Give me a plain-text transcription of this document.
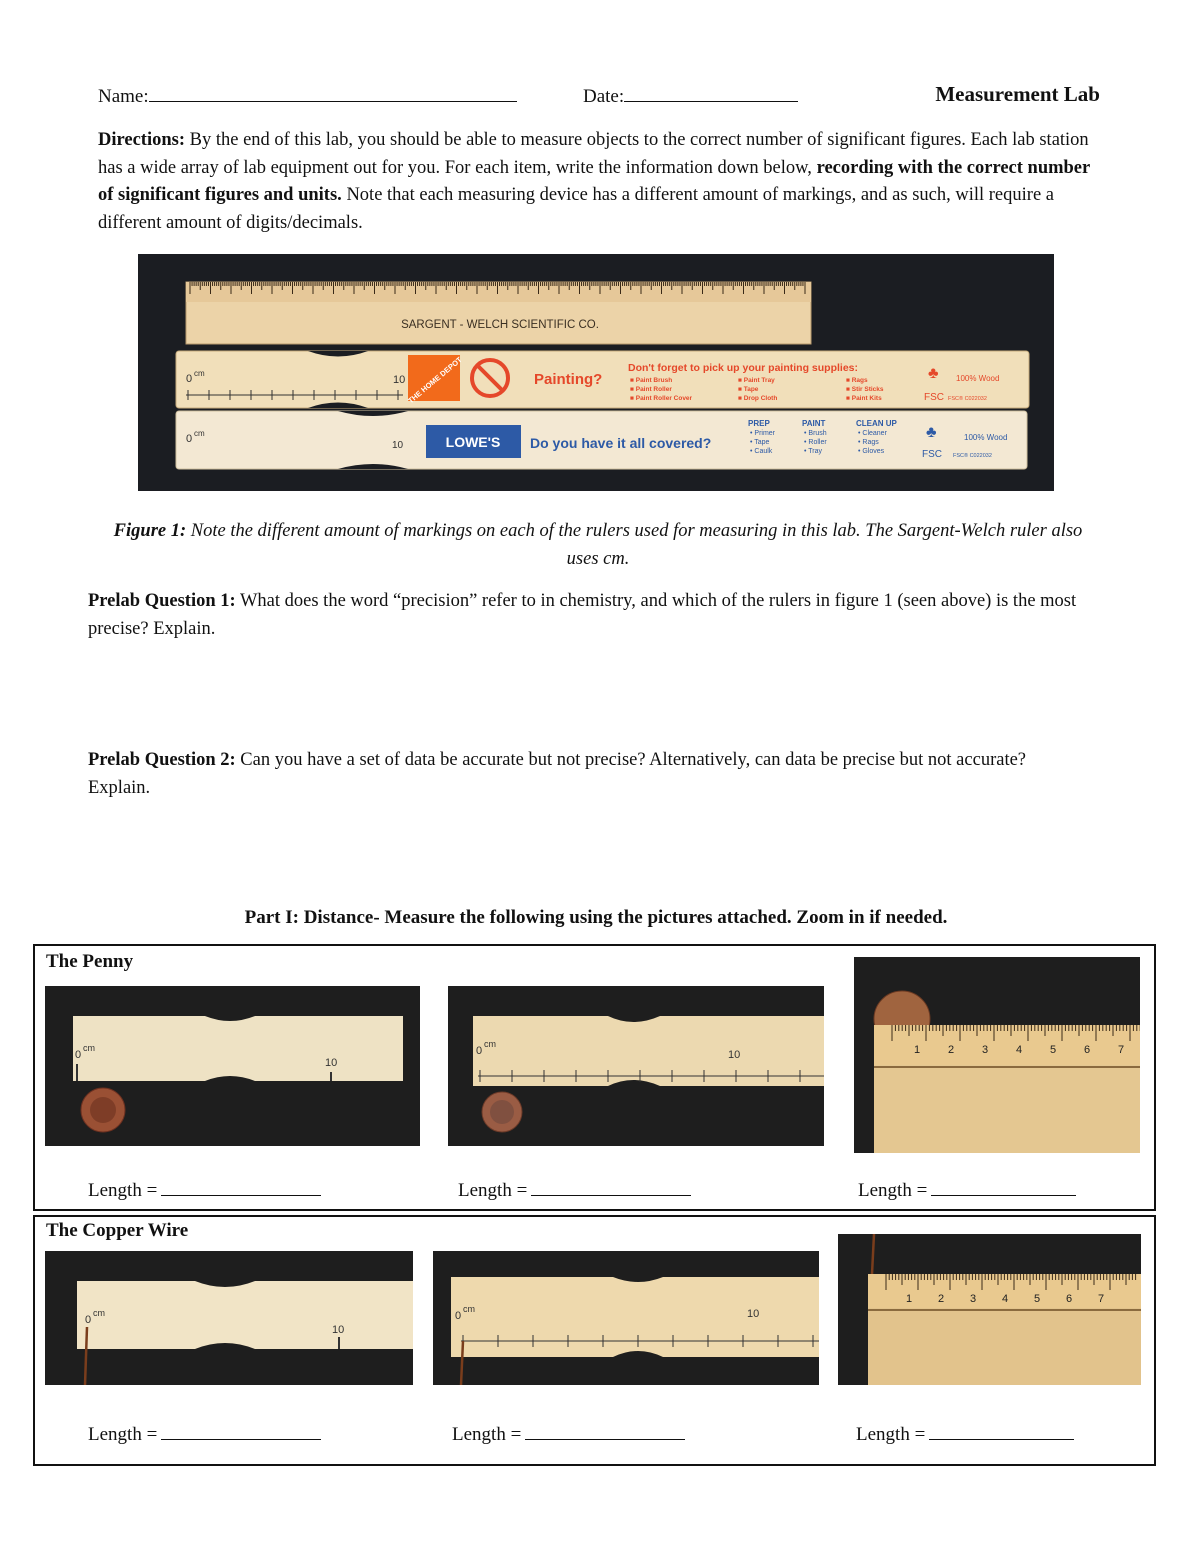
Name:	Date:	Measurement Lab
Directions: By the end of this lab, you should be able to measure objects to the correct number of significant figures. Each lab station has a wide array of lab equipment out for you. For each item, write the information down below, recording with the correct number of significant figures and units. Note that each measuring device has a different amount of markings, and as such, will require a different amount of digits/decimals.
SARGENT - WELCH SCIENTIFIC CO.
0 cm
10 THE HOME DEPOT	Painting?
Don't forget to pick up your painting supplies:
■ Paint Brush
■ Paint Roller
■ Paint Roller Cover
■ Paint Tray
■ Tape
■ Drop Cloth
■ Rags
■ Stir Sticks
■ Paint Kits
♣
FSC
100% Wood
FSC® C022032
0 cm
10	LOWE'S Do you have it all covered?
PREP	PAINT	CLEAN UP
• Primer
• Tape
• Caulk
• Brush
• Roller
• Tray
• Cleaner
• Rags
• Gloves
♣
FSC
100% Wood
FSC® C022032
Figure 1: Note the different amount of markings on each of the rulers used for measuring in this lab. The Sargent-Welch ruler also uses cm.
Prelab Question 1: What does the word “precision” refer to in chemistry, and which of the rulers in figure 1 (seen above) is the most precise? Explain.
Prelab Question 2: Can you have a set of data be accurate but not precise? Alternatively, can data be precise but not accurate? Explain.
Part I: Distance- Measure the following using the pictures attached. Zoom in if needed.
The Penny
0
cm
10
0
cm
10	1	2	3	4	5	6	7
Length =	Length =	Length =
The Copper Wire
0
cm
10
0
cm	10
1 2 3 4 5 6 7
Length =	Length =	Length =
